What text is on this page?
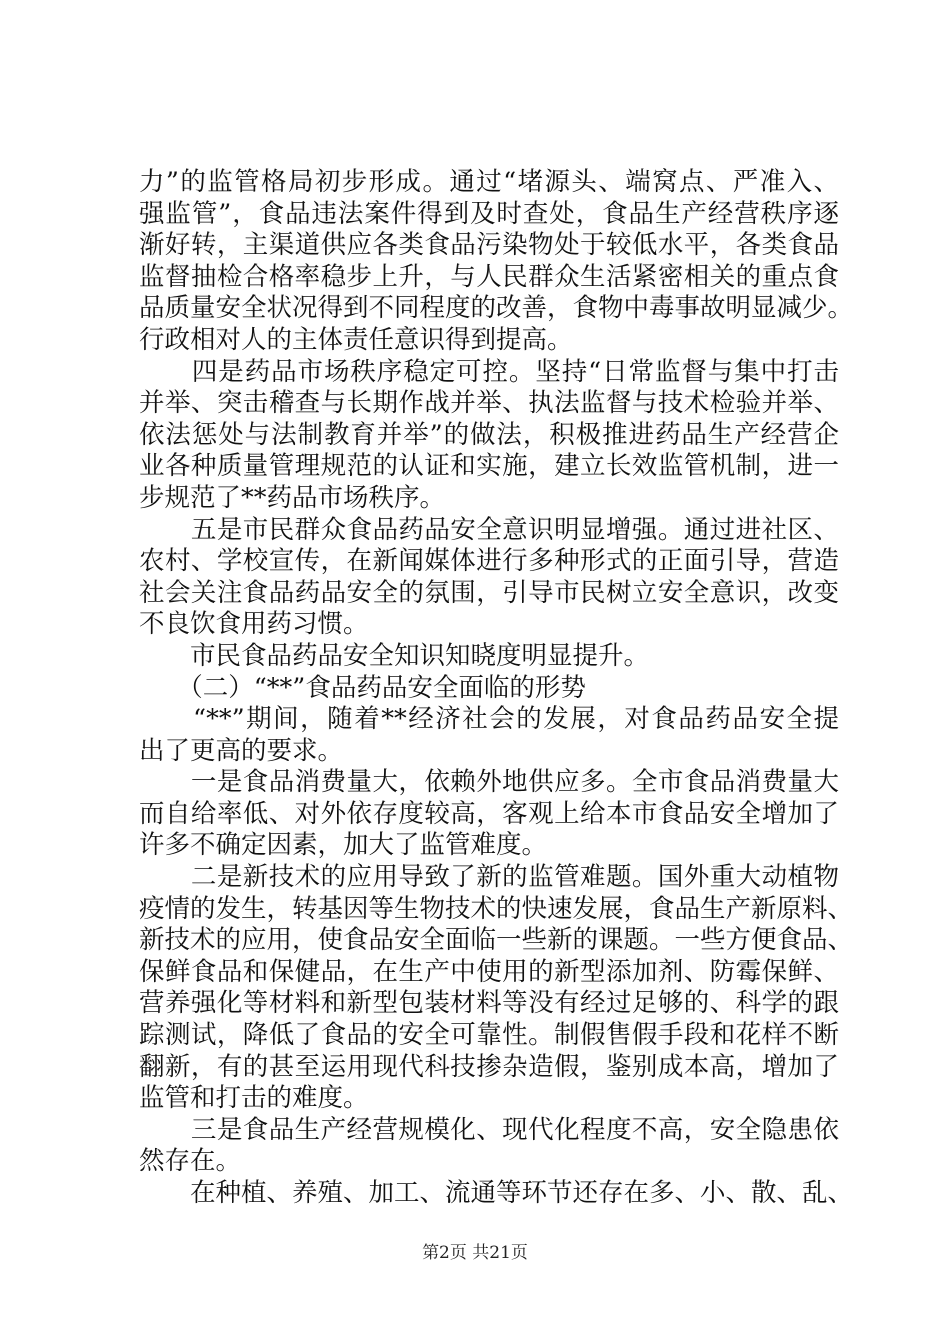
力”的监管格局初步形成。通过“堵源头、端窝点、严准入、
强监管”，食品违法案件得到及时查处，食品生产经营秩序逐
渐好转，主渠道供应各类食品污染物处于较低水平，各类食品
监督抽检合格率稳步上升，与人民群众生活紧密相关的重点食
品质量安全状况得到不同程度的改善，食物中毒事故明显减少。
行政相对人的主体责任意识得到提高。
　　四是药品市场秩序稳定可控。坚持“日常监督与集中打击
并举、突击稽查与长期作战并举、执法监督与技术检验并举、
依法惩处与法制教育并举”的做法，积极推进药品生产经营企
业各种质量管理规范的认证和实施，建立长效监管机制，进一
步规范了**药品市场秩序。
　　五是市民群众食品药品安全意识明显增强。通过进社区、
农村、学校宣传，在新闻媒体进行多种形式的正面引导，营造
社会关注食品药品安全的氛围，引导市民树立安全意识，改变
不良饮食用药习惯。
　　市民食品药品安全知识知晓度明显提升。
　　（二）“**”食品药品安全面临的形势
　　“**”期间，随着**经济社会的发展，对食品药品安全提
出了更高的要求。
　　一是食品消费量大，依赖外地供应多。全市食品消费量大
而自给率低、对外依存度较高，客观上给本市食品安全增加了
许多不确定因素，加大了监管难度。
　　二是新技术的应用导致了新的监管难题。国外重大动植物
疫情的发生，转基因等生物技术的快速发展，食品生产新原料、
新技术的应用，使食品安全面临一些新的课题。一些方便食品、
保鲜食品和保健品，在生产中使用的新型添加剂、防霉保鲜、
营养强化等材料和新型包装材料等没有经过足够的、科学的跟
踪测试，降低了食品的安全可靠性。制假售假手段和花样不断
翻新，有的甚至运用现代科技掺杂造假，鉴别成本高，增加了
监管和打击的难度。
　　三是食品生产经营规模化、现代化程度不高，安全隐患依
然存在。
　　在种植、养殖、加工、流通等环节还存在多、小、散、乱、
第2页 共21页
